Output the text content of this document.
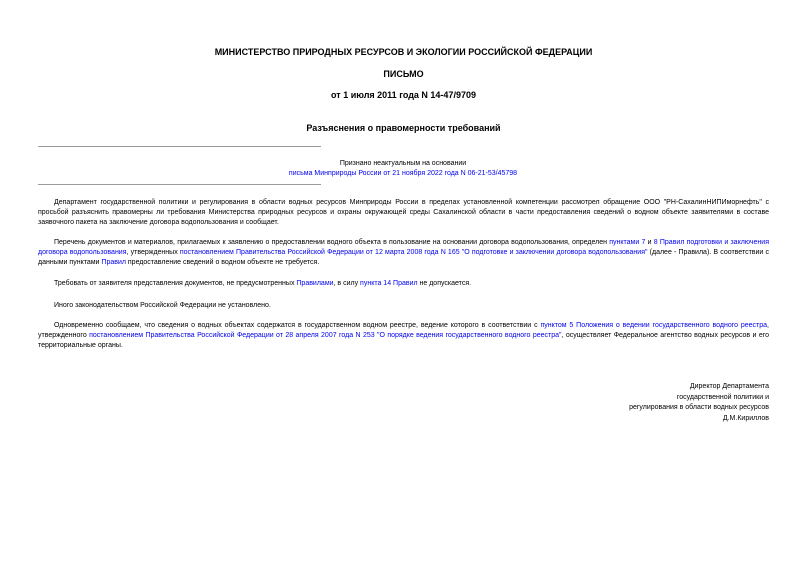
МИНИСТЕРСТВО ПРИРОДНЫХ РЕСУРСОВ И ЭКОЛОГИИ РОССИЙСКОЙ ФЕДЕРАЦИИ
ПИСЬМО
от 1 июля 2011 года N 14-47/9709
Разъяснения о правомерности требований
Признано неактуальным на основании
письма Минприроды России от 21 ноября 2022 года N 06-21-53/45798

Департамент государственной политики и регулирования в области водных ресурсов Минприроды России в пределах установленной компетенции рассмотрел обращение ООО "РН-СахалинНИПИморнефть" с просьбой разъяснить правомерны ли требования Министерства природных ресурсов и охраны окружающей среды Сахалинской области в части предоставления сведений о водном объекте заявителями в составе заявочного пакета на заключение договора водопользования и сообщает.

Перечень документов и материалов, прилагаемых к заявлению о предоставлении водного объекта в пользование на основании договора водопользования, определен пунктами 7 и 8 Правил подготовки и заключения договора водопользования, утвержденных постановлением Правительства Российской Федерации от 12 марта 2008 года N 165 "О подготовке и заключении договора водопользования" (далее - Правила). В соответствии с данными пунктами Правил предоставление сведений о водном объекте не требуется.

Требовать от заявителя представления документов, не предусмотренных Правилами, в силу пункта 14 Правил не допускается.

Иного законодательством Российской Федерации не установлено.

Одновременно сообщаем, что сведения о водных объектах содержатся в государственном водном реестре, ведение которого в соответствии с пунктом 5 Положения о ведении государственного водного реестра, утвержденного постановлением Правительства Российской Федерации от 28 апреля 2007 года N 253 "О порядке ведения государственного водного реестра", осуществляет Федеральное агентство водных ресурсов и его территориальные органы.

Директор Департамента
государственной политики и
регулирования в области водных ресурсов
Д.М.Кириллов
